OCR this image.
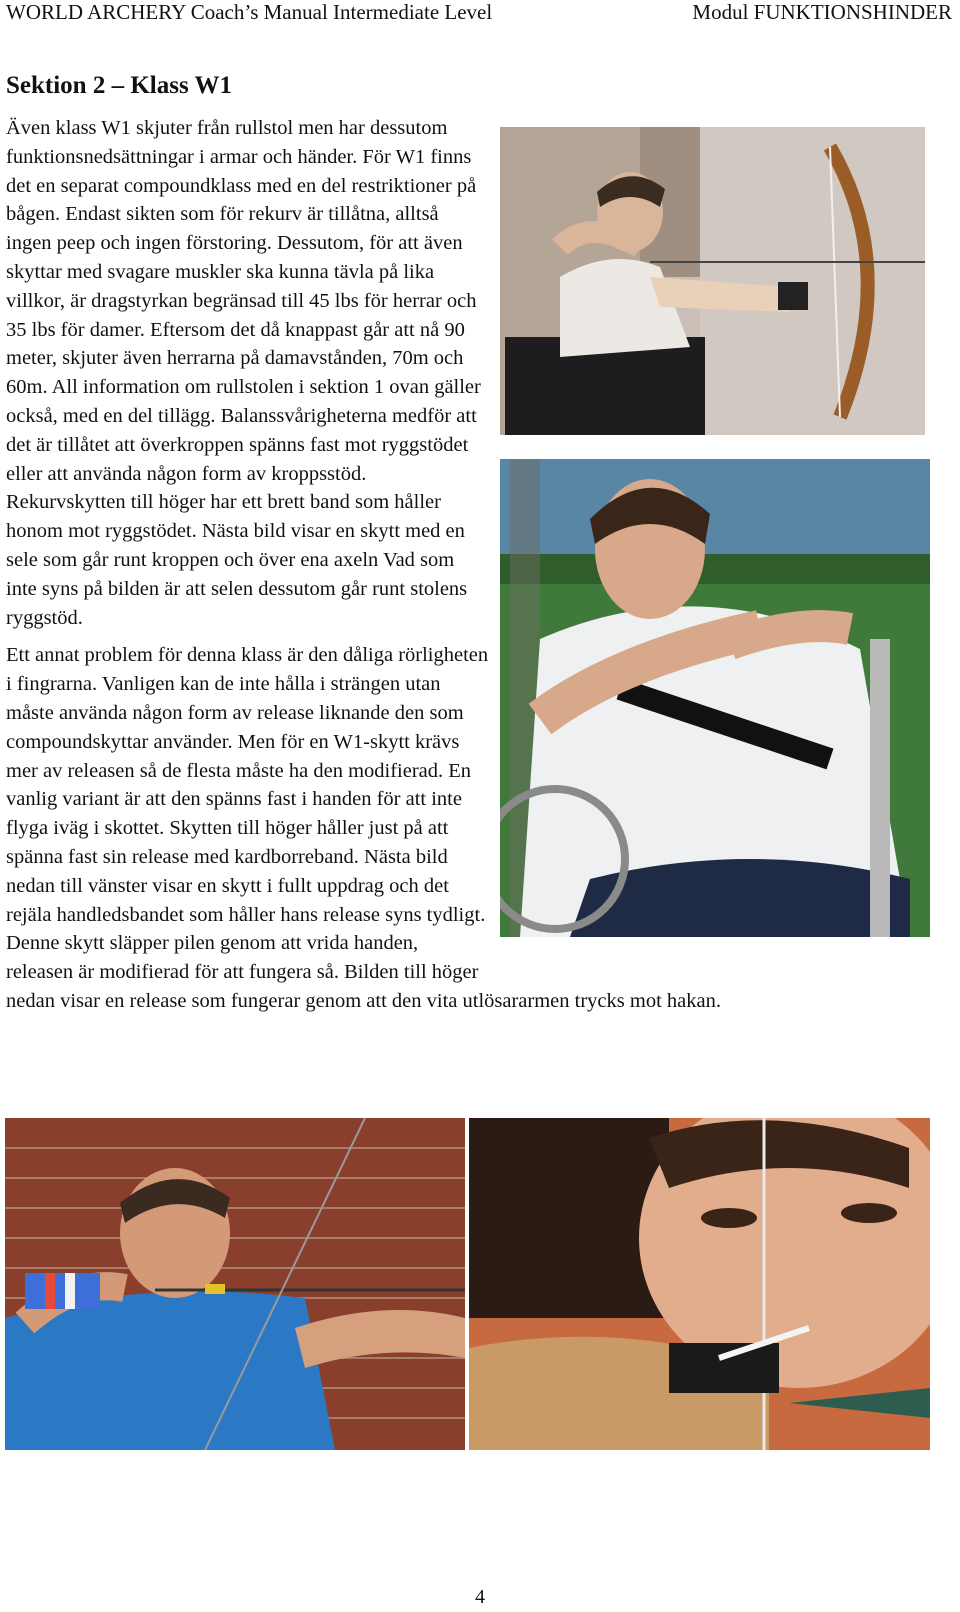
WORLD ARCHERY Coach’s Manual Intermediate Level	Modul FUNKTIONSHINDER
Sektion 2 – Klass W1

Även klass W1 skjuter från rullstol men har dessutom funktionsnedsättningar i armar och händer. För W1 finns det en separat compoundklass med en del restriktioner på bågen. Endast sikten som för rekurv är tillåtna, alltså ingen peep och ingen förstoring. Dessutom, för att även skyttar med svagare muskler ska kunna tävla på lika villkor, är dragstyrkan begränsad till 45 lbs för herrar och 35 lbs för damer. Eftersom det då knappast går att nå 90 meter, skjuter även herrarna på damavstånden, 70m och 60m. All information om rullstolen i sektion 1 ovan gäller också, med en del tillägg. Balanssvårigheterna medför att det är tillåtet att överkroppen spänns fast mot ryggstödet eller att använda någon form av kroppsstöd. Rekurvskytten till höger har ett brett band som håller honom mot ryggstödet. Nästa bild visar en skytt med en sele som går runt kroppen och över ena axeln Vad som inte syns på bilden är att selen dessutom går runt stolens ryggstöd.

Ett annat problem för denna klass är den dåliga rörligheten i fingrarna. Vanligen kan de inte hålla i strängen utan måste använda någon form av release liknande den som compoundskyttar använder. Men för en W1-skytt krävs mer av releasen så de flesta måste ha den modifierad. En vanlig variant är att den spänns fast i handen för att inte flyga iväg i skottet. Skytten till höger håller just på att spänna fast sin release med kardborreband. Nästa bild nedan till vänster visar en skytt i fullt uppdrag och det rejäla handledsbandet som håller hans release syns tydligt. Denne skytt släpper pilen genom att vrida handen, releasen är modifierad för att fungera så. Bilden till höger nedan visar en release som fungerar genom att den vita utlösararmen trycks mot hakan.

4
